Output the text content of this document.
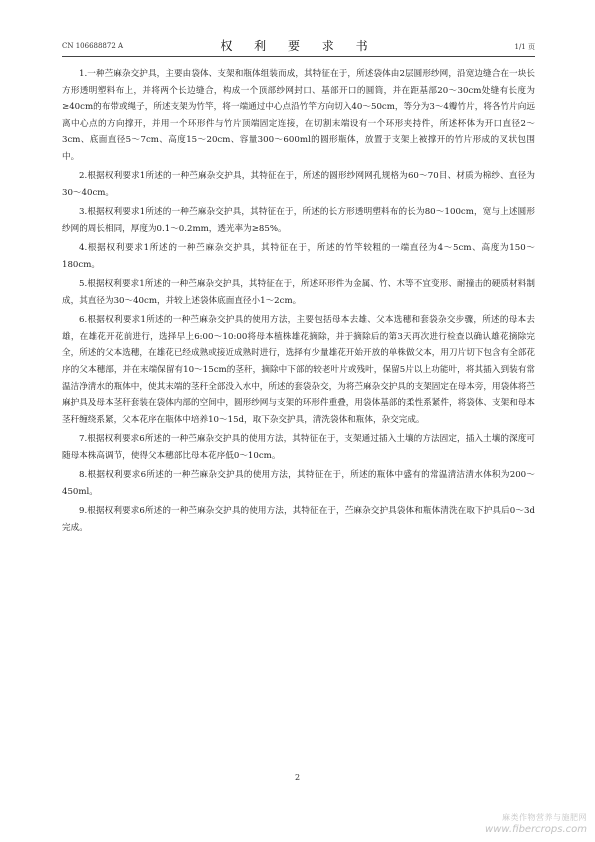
CN 106688872 A	权 利 要 求 书	1/1 页

1.一种苎麻杂交护具，主要由袋体、支架和瓶体组装而成，其特征在于，所述袋体由2层圆形纱网，沿宽边缝合在一块长方形透明塑料布上，并将两个长边缝合，构成一个顶部纱网封口、基部开口的圆筒，并在距基部20～30cm处缝有长度为≥40cm的布带或绳子，所述支架为竹竿，将一端通过中心点沿竹竿方向切入40～50cm，等分为3～4瓣竹片，将各竹片向远离中心点的方向撑开，并用一个环形件与竹片顶端固定连接，在切割末端设有一个环形夹持件，所述杯体为开口直径2～3cm、底面直径5～7cm、高度15～20cm、容量300～600ml的圆形瓶体，放置于支架上被撑开的竹片形成的叉状包围中。

2.根据权利要求1所述的一种苎麻杂交护具，其特征在于，所述的圆形纱网网孔规格为60～70目、材质为棉纱、直径为30～40cm。

3.根据权利要求1所述的一种苎麻杂交护具，其特征在于，所述的长方形透明塑料布的长为80～100cm，宽与上述圆形纱网的周长相同，厚度为0.1～0.2mm，透光率为≥85%。

4.根据权利要求1所述的一种苎麻杂交护具，其特征在于，所述的竹竿较粗的一端直径为4～5cm、高度为150～180cm。

5.根据权利要求1所述的一种苎麻杂交护具，其特征在于，所述环形件为金属、竹、木等不宜变形、耐撞击的硬质材料制成，其直径为30～40cm，并较上述袋体底面直径小1～2cm。

6.根据权利要求1所述的一种苎麻杂交护具的使用方法，主要包括母本去雄、父本选穗和套袋杂交步骤，所述的母本去雄，在雄花开花前进行，选择早上6:00～10:00将母本植株雄花摘除，并于摘除后的第3天再次进行检查以确认雄花摘除完全，所述的父本选穗，在雄花已经成熟或接近成熟时进行，选择有少量雄花开始开放的单株做父本，用刀片切下包含有全部花序的父本穗部，并在末端保留有10～15cm的茎秆，摘除中下部的较老叶片或残叶，保留5片以上功能叶，将其插入到装有常温洁净清水的瓶体中，使其末端的茎秆全部没入水中，所述的套袋杂交，为将苎麻杂交护具的支架固定在母本旁，用袋体将苎麻护具及母本茎秆套装在袋体内部的空间中，圆形纱网与支架的环形件重叠，用袋体基部的柔性系紧件，将袋体、支架和母本茎秆缠绕系紧，父本花序在瓶体中培养10～15d，取下杂交护具，清洗袋体和瓶体，杂交完成。

7.根据权利要求6所述的一种苎麻杂交护具的使用方法，其特征在于，支架通过插入土壤的方法固定，插入土壤的深度可随母本株高调节，使得父本穗部比母本花序低0～10cm。

8.根据权利要求6所述的一种苎麻杂交护具的使用方法，其特征在于，所述的瓶体中盛有的常温清洁清水体积为200～450ml。

9.根据权利要求6所述的一种苎麻杂交护具的使用方法，其特征在于，苎麻杂交护具袋体和瓶体清洗在取下护具后0～3d完成。

2
麻类作物营养与施肥网
www.fibercrops.com
